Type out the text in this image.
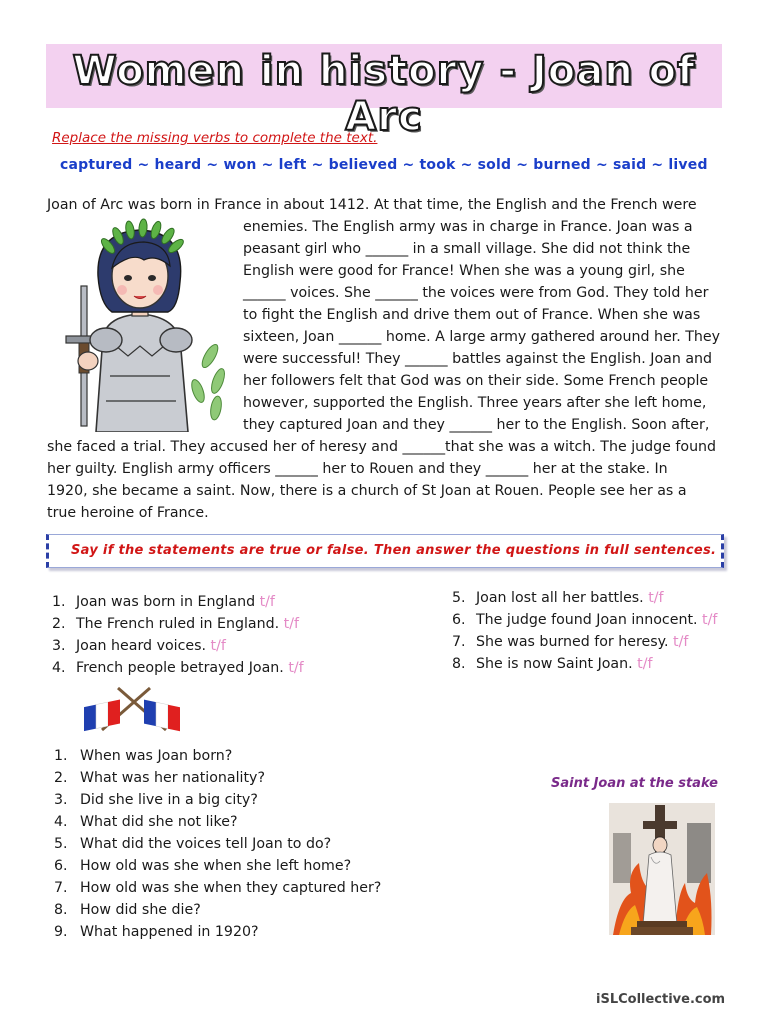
Women in history - Joan of Arc
Replace the missing verbs to complete the text.
captured ~ heard ~ won ~ left ~ believed ~ took ~ sold ~ burned ~ said ~ lived
Joan of Arc was born in France in about 1412. At that time, the English and the French were
enemies. The English army was in charge in France. Joan was a
peasant girl who ______ in a small village. She did not think the
English were good for France! When she was a young girl, she
______ voices. She ______ the voices were from God. They told her
to fight the English and drive them out of France. When she was
sixteen, Joan ______ home. A large army gathered around her. They
were successful! They ______ battles against the English. Joan and
her followers felt that God was on their side. Some French people
however, supported the English. Three years after she left home,
they captured Joan and they ______ her to the English. Soon after,
she faced a trial. They accused her of heresy and ______that she was a witch. The judge found
her guilty. English army officers ______ her to Rouen and they ______ her at the stake. In
1920, she became a saint. Now, there is a church of St Joan at Rouen. People see her as a
true heroine of France.
Say if the statements are true or false. Then answer the questions in full sentences.
1. Joan was born in England t/f
2. The French ruled in England. t/f
3. Joan heard voices. t/f
4. French people betrayed Joan. t/f
5. Joan lost all her battles. t/f
6. The judge found Joan innocent. t/f
7. She was burned for heresy. t/f
8. She is now Saint Joan. t/f
1. When was Joan born?
2. What was her nationality?
3. Did she live in a big city?
4. What did she not like?
5. What did the voices tell Joan to do?
6. How old was she when she left home?
7. How old was she when they captured her?
8. How did she die?
9. What happened in 1920?
Saint Joan at the stake
iSLCollective.com
